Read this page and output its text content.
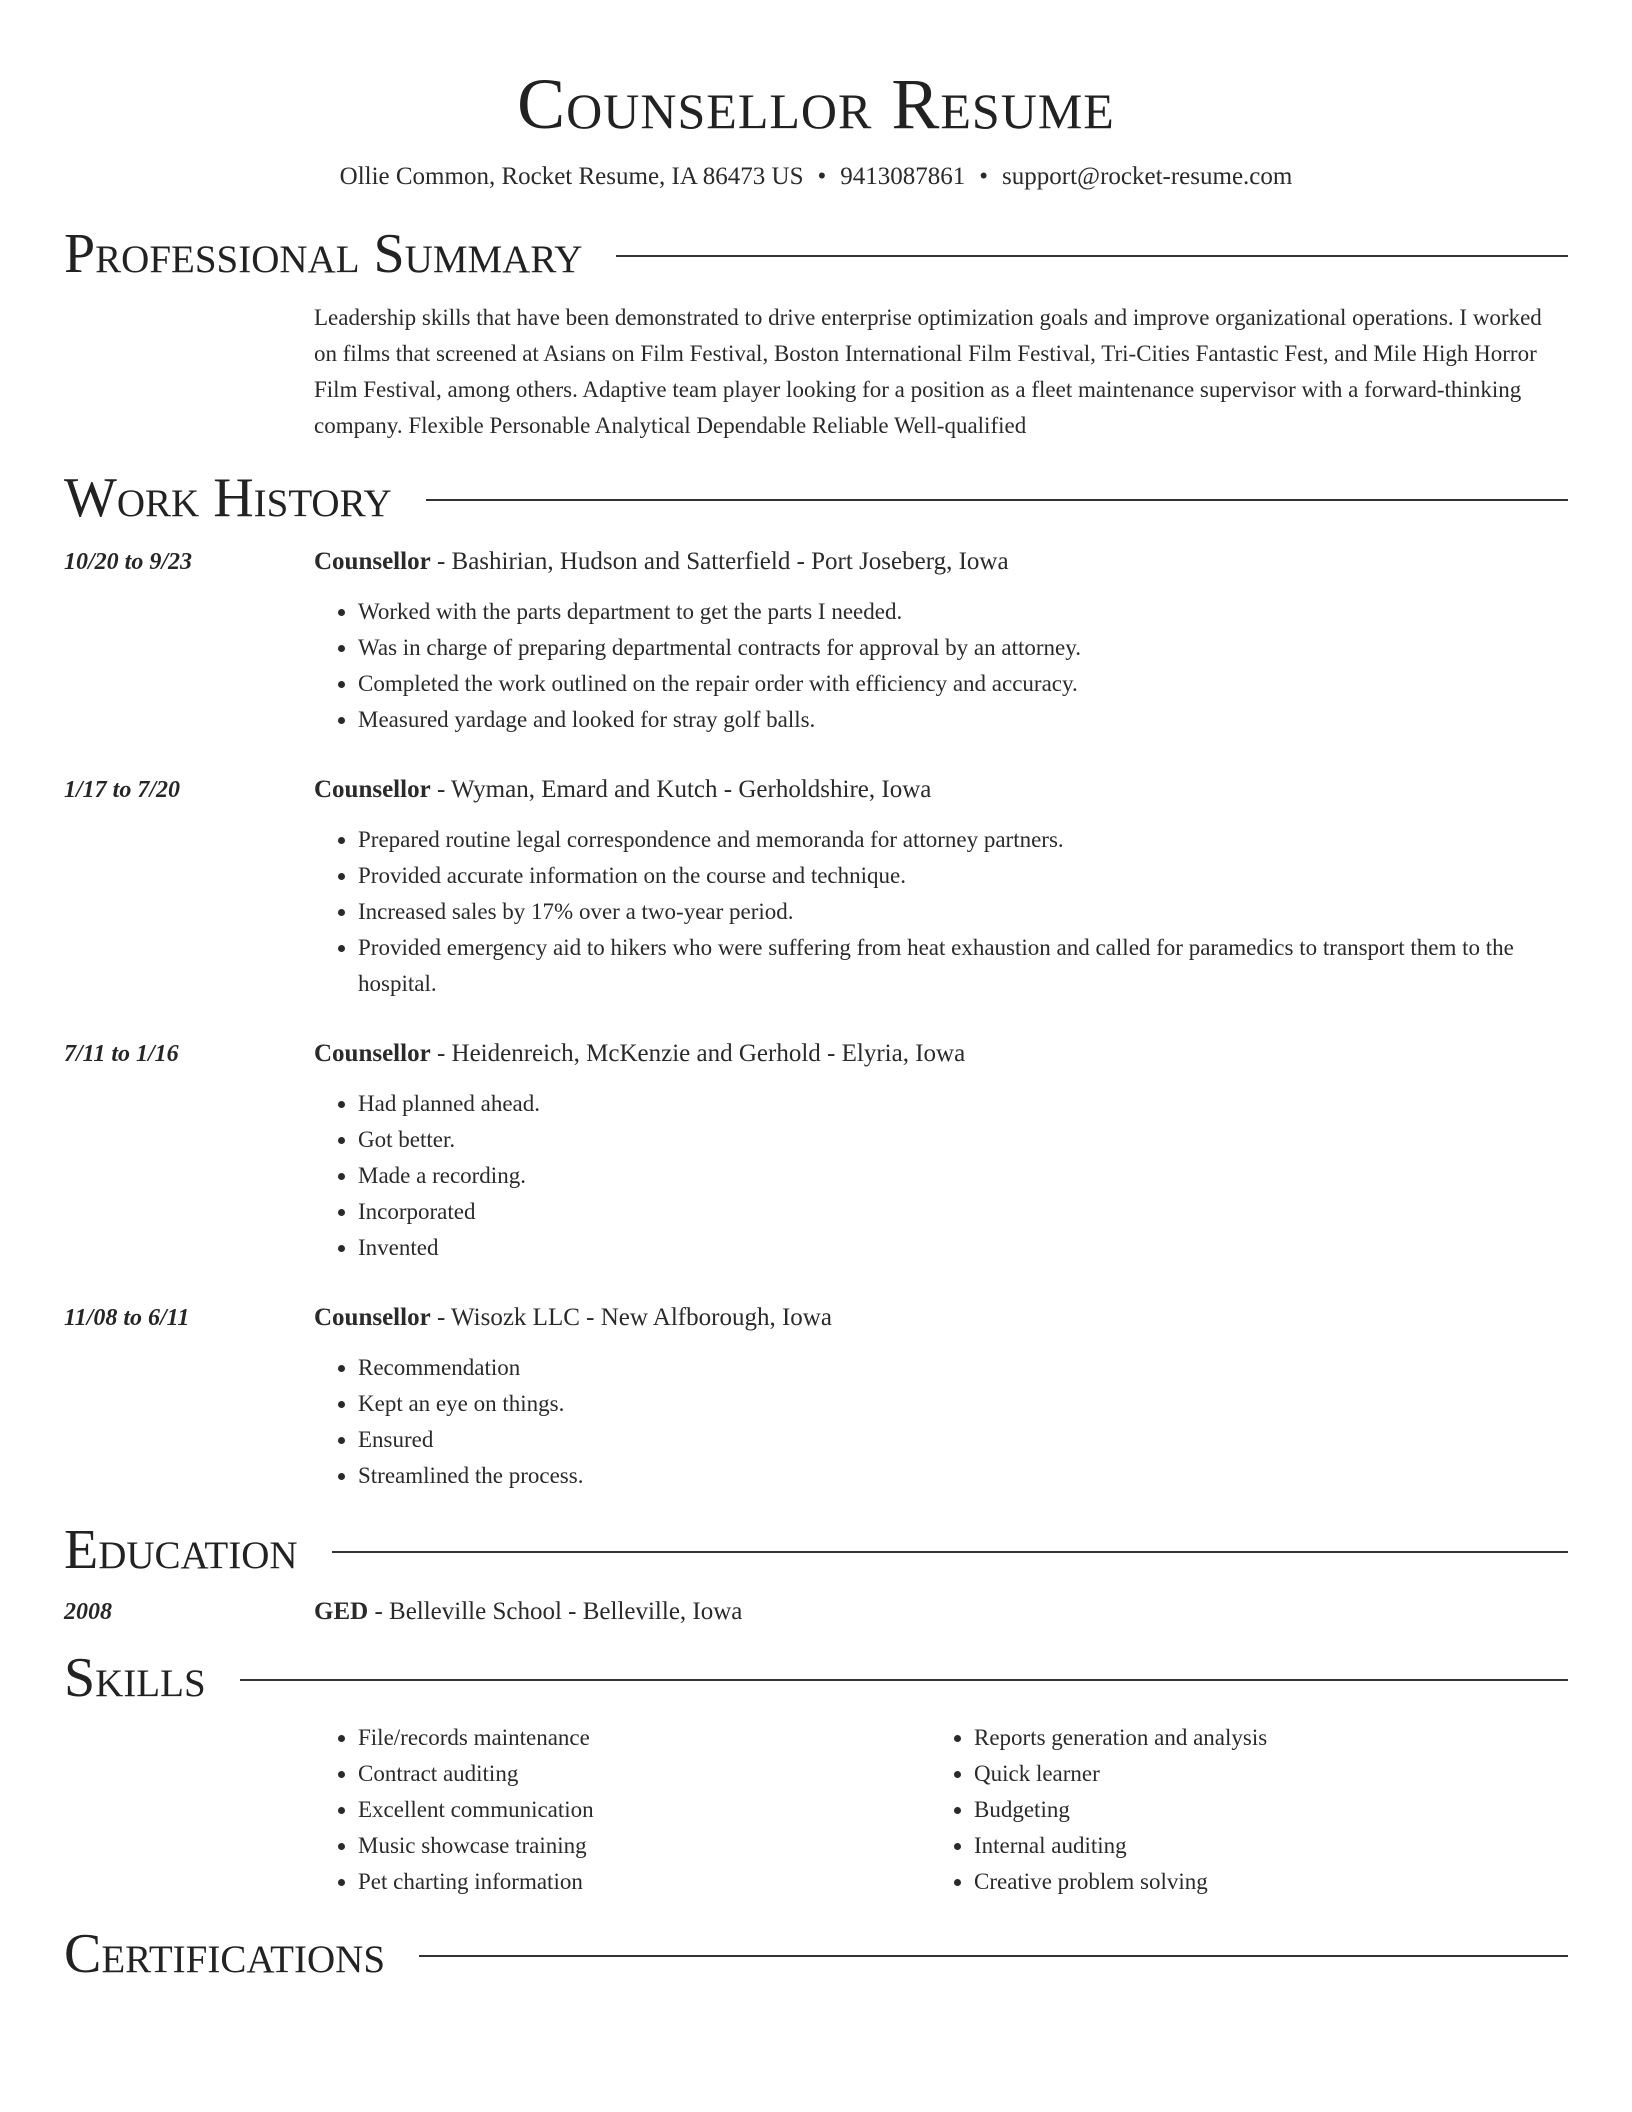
Counsellor Resume
Ollie Common, Rocket Resume, IA 86473 US • 9413087861 • support@rocket-resume.com
Professional Summary
Leadership skills that have been demonstrated to drive enterprise optimization goals and improve organizational operations. I worked on films that screened at Asians on Film Festival, Boston International Film Festival, Tri-Cities Fantastic Fest, and Mile High Horror Film Festival, among others. Adaptive team player looking for a position as a fleet maintenance supervisor with a forward-thinking company. Flexible Personable Analytical Dependable Reliable Well-qualified
Work History
10/20 to 9/23	Counsellor - Bashirian, Hudson and Satterfield - Port Joseberg, Iowa
• Worked with the parts department to get the parts I needed.
• Was in charge of preparing departmental contracts for approval by an attorney.
• Completed the work outlined on the repair order with efficiency and accuracy.
• Measured yardage and looked for stray golf balls.
1/17 to 7/20	Counsellor - Wyman, Emard and Kutch - Gerholdshire, Iowa
• Prepared routine legal correspondence and memoranda for attorney partners.
• Provided accurate information on the course and technique.
• Increased sales by 17% over a two-year period.
• Provided emergency aid to hikers who were suffering from heat exhaustion and called for paramedics to transport them to the hospital.
7/11 to 1/16	Counsellor - Heidenreich, McKenzie and Gerhold - Elyria, Iowa
• Had planned ahead.
• Got better.
• Made a recording.
• Incorporated
• Invented
11/08 to 6/11	Counsellor - Wisozk LLC - New Alfborough, Iowa
• Recommendation
• Kept an eye on things.
• Ensured
• Streamlined the process.
Education
2008	GED - Belleville School - Belleville, Iowa
Skills
• File/records maintenance
• Contract auditing
• Excellent communication
• Music showcase training
• Pet charting information
• Reports generation and analysis
• Quick learner
• Budgeting
• Internal auditing
• Creative problem solving
Certifications
